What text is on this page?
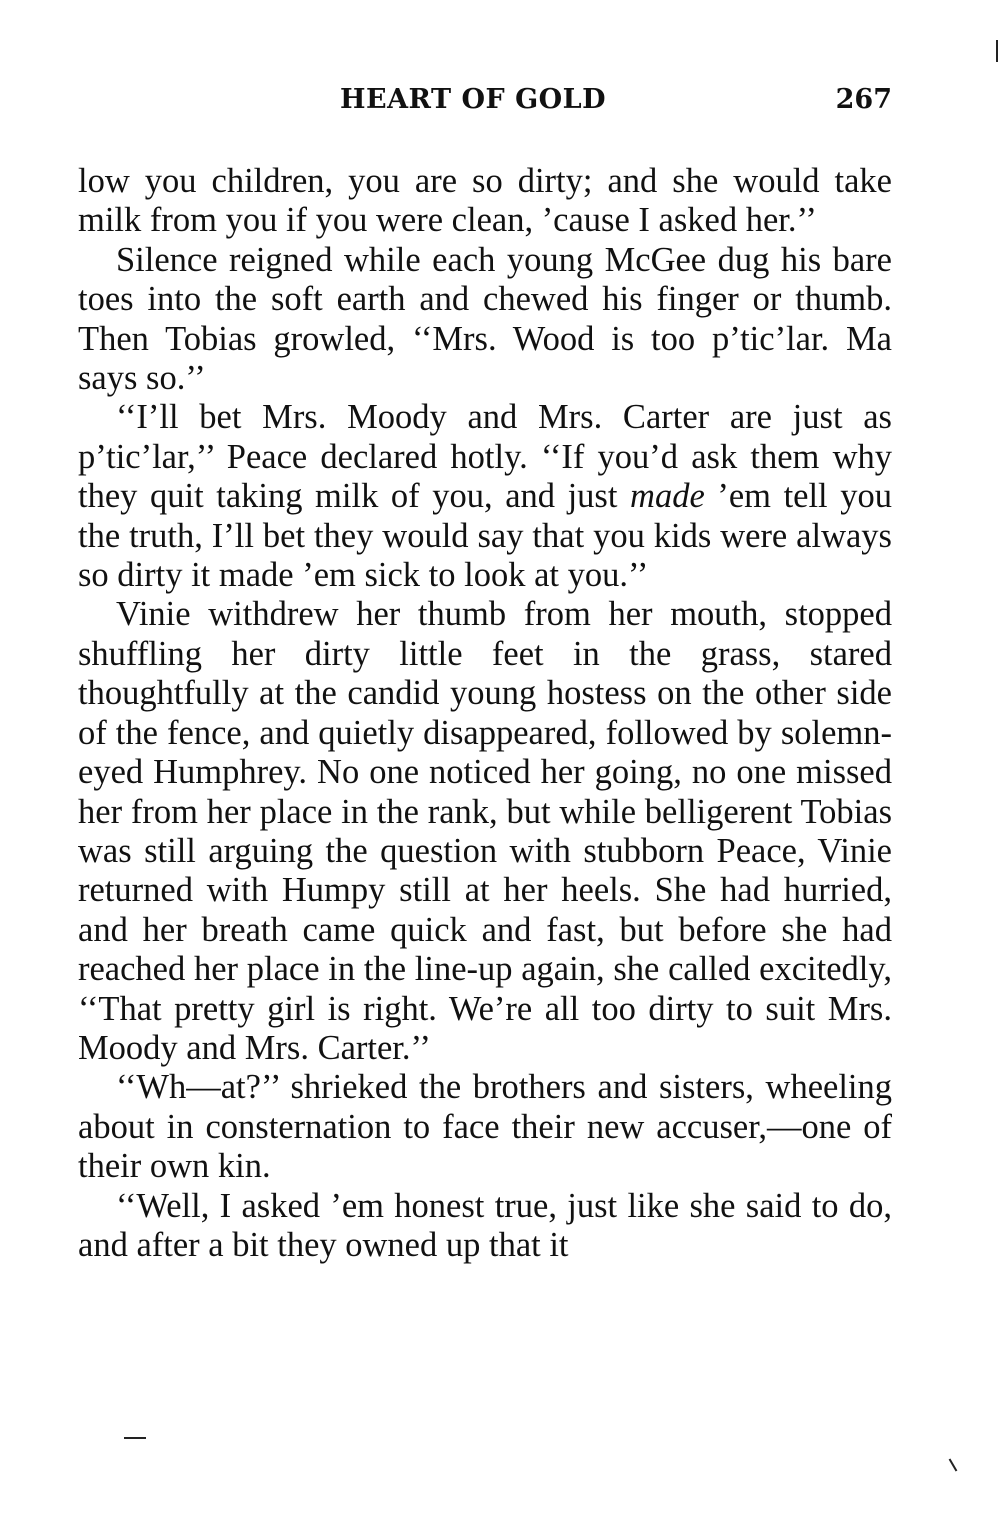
HEART OF GOLD	267

low you children, you are so dirty; and she would take milk from you if you were clean, ’cause I asked her.’’

Silence reigned while each young McGee dug his bare toes into the soft earth and chewed his finger or thumb. Then Tobias growled, ‘‘Mrs. Wood is too p’tic’lar. Ma says so.’’

‘‘I’ll bet Mrs. Moody and Mrs. Carter are just as p’tic’lar,’’ Peace declared hotly. ‘‘If you’d ask them why they quit taking milk of you, and just made ’em tell you the truth, I’ll bet they would say that you kids were always so dirty it made ’em sick to look at you.’’

Vinie withdrew her thumb from her mouth, stopped shuffling her dirty little feet in the grass, stared thoughtfully at the candid young hostess on the other side of the fence, and quietly disappeared, followed by solemn-eyed Humphrey. No one noticed her going, no one missed her from her place in the rank, but while belligerent Tobias was still arguing the question with stubborn Peace, Vinie returned with Humpy still at her heels. She had hurried, and her breath came quick and fast, but before she had reached her place in the line-up again, she called excitedly, ‘‘That pretty girl is right. We’re all too dirty to suit Mrs. Moody and Mrs. Carter.’’

‘‘Wh—at?’’ shrieked the brothers and sisters, wheeling about in consternation to face their new accuser,—one of their own kin.

‘‘Well, I asked ’em honest true, just like she said to do, and after a bit they owned up that it
